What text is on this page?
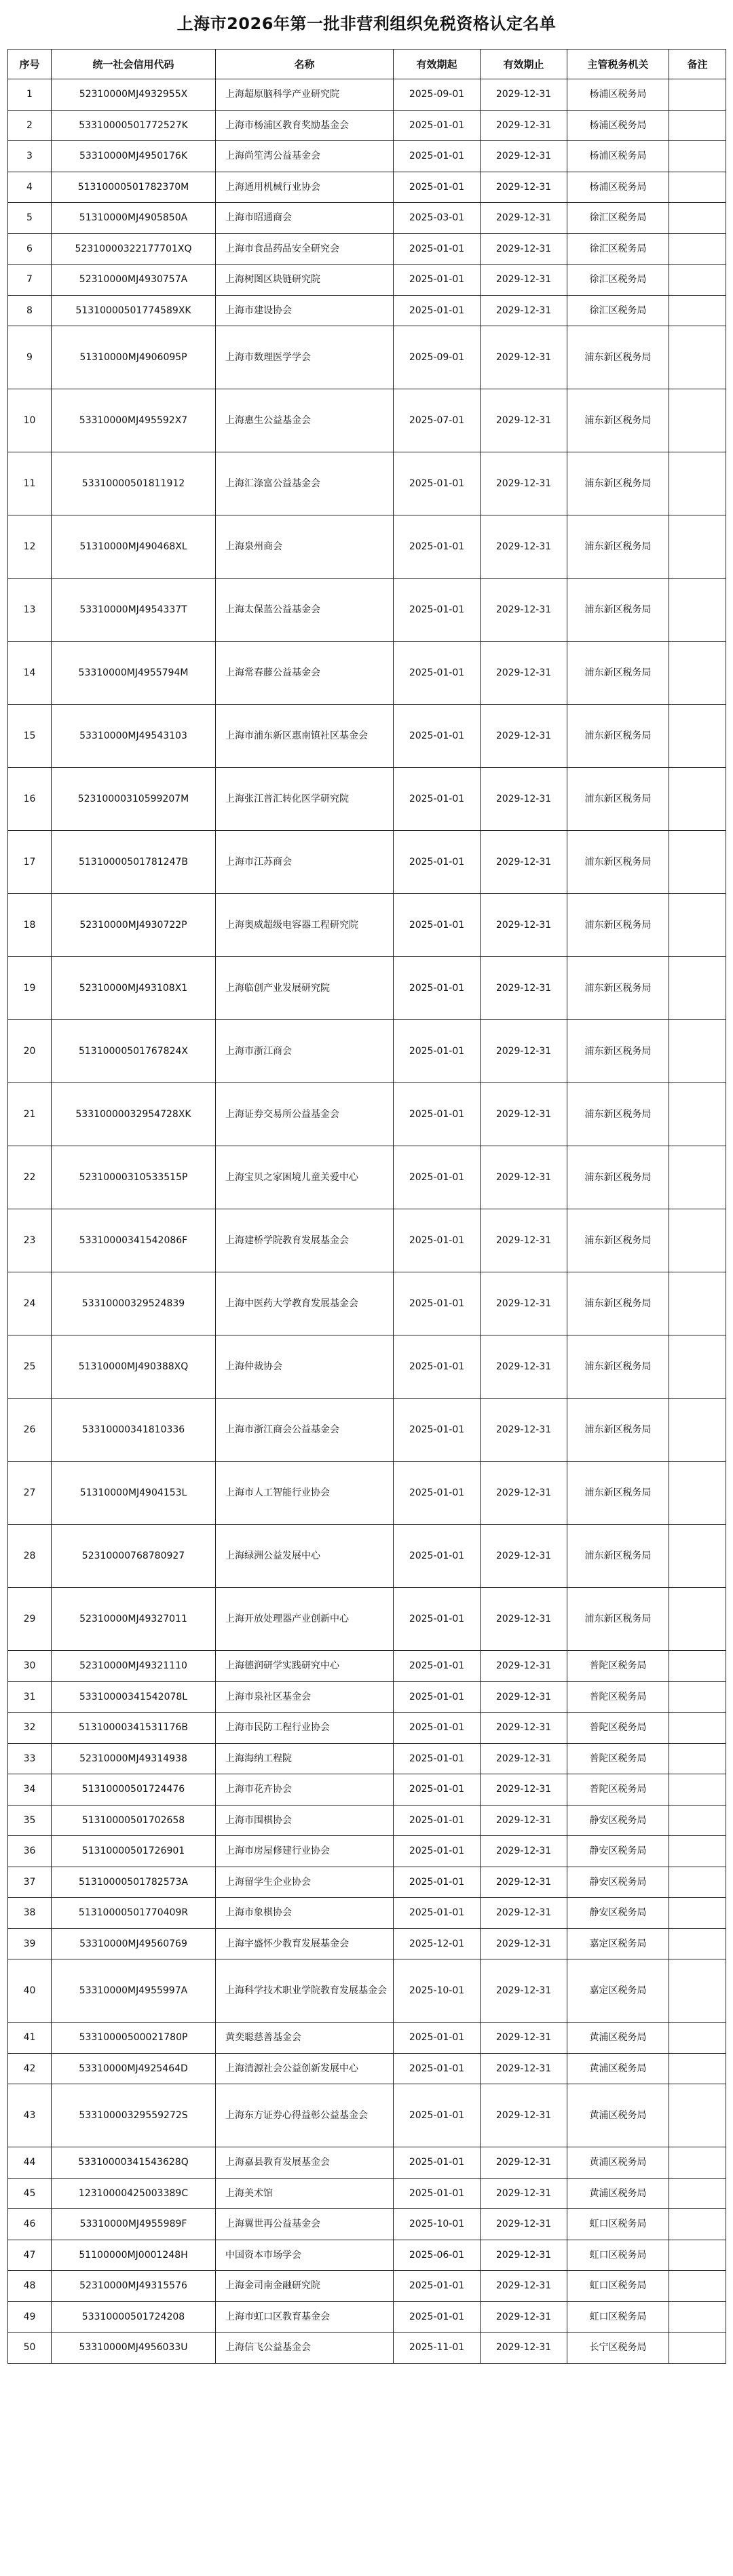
上海市2026年第一批非营利组织免税资格认定名单
序号	统一社会信用代码	名称	有效期起	有效期止	主管税务机关	备注
1	52310000MJ4932955X	上海超原脑科学产业研究院	2025-09-01	2029-12-31	杨浦区税务局	
2	53310000501772527K	上海市杨浦区教育奖励基金会	2025-01-01	2029-12-31	杨浦区税务局	
3	53310000MJ4950176K	上海尚笙湾公益基金会	2025-01-01	2029-12-31	杨浦区税务局	
4	51310000501782370M	上海通用机械行业协会	2025-01-01	2029-12-31	杨浦区税务局	
5	51310000MJ4905850A	上海市昭通商会	2025-03-01	2029-12-31	徐汇区税务局	
6	52310000322177701XQ	上海市食品药品安全研究会	2025-01-01	2029-12-31	徐汇区税务局	
7	52310000MJ4930757A	上海树图区块链研究院	2025-01-01	2029-12-31	徐汇区税务局	
8	51310000501774589XK	上海市建设协会	2025-01-01	2029-12-31	徐汇区税务局	
9	51310000MJ4906095P	上海市数理医学学会	2025-09-01	2029-12-31	浦东新区税务局	
10	53310000MJ495592X7	上海惠生公益基金会	2025-07-01	2029-12-31	浦东新区税务局	
11	53310000501811912	上海汇涤富公益基金会	2025-01-01	2029-12-31	浦东新区税务局	
12	51310000MJ490468XL	上海泉州商会	2025-01-01	2029-12-31	浦东新区税务局	
13	53310000MJ4954337T	上海太保蓝公益基金会	2025-01-01	2029-12-31	浦东新区税务局	
14	53310000MJ4955794M	上海常春藤公益基金会	2025-01-01	2029-12-31	浦东新区税务局	
15	53310000MJ49543103	上海市浦东新区惠南镇社区基金会	2025-01-01	2029-12-31	浦东新区税务局	
16	52310000310599207M	上海张江普汇转化医学研究院	2025-01-01	2029-12-31	浦东新区税务局	
17	51310000501781247B	上海市江苏商会	2025-01-01	2029-12-31	浦东新区税务局	
18	52310000MJ4930722P	上海奥威超级电容器工程研究院	2025-01-01	2029-12-31	浦东新区税务局	
19	52310000MJ493108X1	上海临创产业发展研究院	2025-01-01	2029-12-31	浦东新区税务局	
20	51310000501767824X	上海市浙江商会	2025-01-01	2029-12-31	浦东新区税务局	
21	53310000032954728XK	上海证券交易所公益基金会	2025-01-01	2029-12-31	浦东新区税务局	
22	52310000310533515P	上海宝贝之家困境儿童关爱中心	2025-01-01	2029-12-31	浦东新区税务局	
23	53310000341542086F	上海建桥学院教育发展基金会	2025-01-01	2029-12-31	浦东新区税务局	
24	53310000329524839	上海中医药大学教育发展基金会	2025-01-01	2029-12-31	浦东新区税务局	
25	51310000MJ490388XQ	上海仲裁协会	2025-01-01	2029-12-31	浦东新区税务局	
26	53310000341810336	上海市浙江商会公益基金会	2025-01-01	2029-12-31	浦东新区税务局	
27	51310000MJ4904153L	上海市人工智能行业协会	2025-01-01	2029-12-31	浦东新区税务局	
28	52310000768780927	上海绿洲公益发展中心	2025-01-01	2029-12-31	浦东新区税务局	
29	52310000MJ49327011	上海开放处理器产业创新中心	2025-01-01	2029-12-31	浦东新区税务局	
30	52310000MJ49321110	上海德润研学实践研究中心	2025-01-01	2029-12-31	普陀区税务局	
31	53310000341542078L	上海市泉社区基金会	2025-01-01	2029-12-31	普陀区税务局	
32	51310000341531176B	上海市民防工程行业协会	2025-01-01	2029-12-31	普陀区税务局	
33	52310000MJ49314938	上海海纳工程院	2025-01-01	2029-12-31	普陀区税务局	
34	51310000501724476	上海市花卉协会	2025-01-01	2029-12-31	普陀区税务局	
35	51310000501702658	上海市围棋协会	2025-01-01	2029-12-31	静安区税务局	
36	51310000501726901	上海市房屋修建行业协会	2025-01-01	2029-12-31	静安区税务局	
37	51310000501782573A	上海留学生企业协会	2025-01-01	2029-12-31	静安区税务局	
38	51310000501770409R	上海市象棋协会	2025-01-01	2029-12-31	静安区税务局	
39	53310000MJ49560769	上海宇盛怀少教育发展基金会	2025-12-01	2029-12-31	嘉定区税务局	
40	53310000MJ4955997A	上海科学技术职业学院教育发展基金会	2025-10-01	2029-12-31	嘉定区税务局	
41	53310000500021780P	黄奕聪慈善基金会	2025-01-01	2029-12-31	黄浦区税务局	
42	53310000MJ4925464D	上海清源社会公益创新发展中心	2025-01-01	2029-12-31	黄浦区税务局	
43	53310000329559272S	上海东方证券心得益彰公益基金会	2025-01-01	2029-12-31	黄浦区税务局	
44	53310000341543628Q	上海嘉县教育发展基金会	2025-01-01	2029-12-31	黄浦区税务局	
45	12310000425003389C	上海美术馆	2025-01-01	2029-12-31	黄浦区税务局	
46	53310000MJ4955989F	上海翼世再公益基金会	2025-10-01	2029-12-31	虹口区税务局	
47	51100000MJ0001248H	中国资本市场学会	2025-06-01	2029-12-31	虹口区税务局	
48	52310000MJ49315576	上海金司南金融研究院	2025-01-01	2029-12-31	虹口区税务局	
49	53310000501724208	上海市虹口区教育基金会	2025-01-01	2029-12-31	虹口区税务局	
50	53310000MJ4956033U	上海信飞公益基金会	2025-11-01	2029-12-31	长宁区税务局	
